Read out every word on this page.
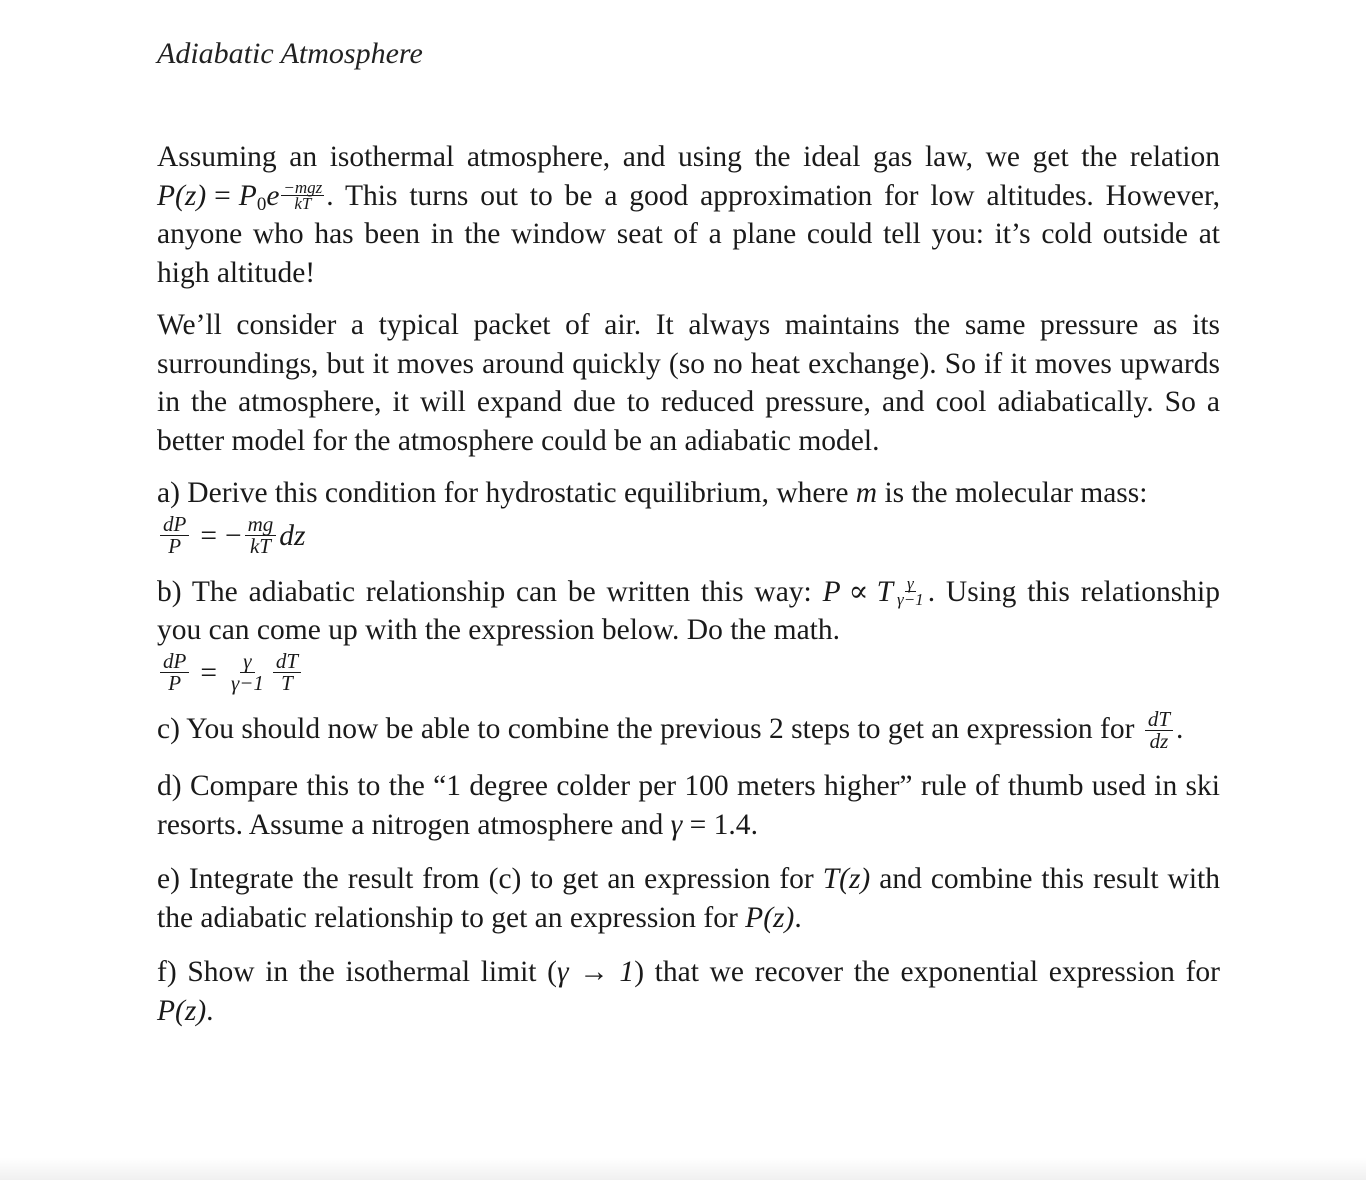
Adiabatic Atmosphere

Assuming an isothermal atmosphere, and using the ideal gas law, we get the relation $P(z) = P_0e -mgz$
kT . This turns out to be a good approximation for low altitudes. However, anyone who has been in the window seat of a plane could tell you: it’s cold outside at high altitude!

We’ll consider a typical packet of air. It always maintains the same pressure as its surroundings, but it moves around quickly (so no heat exchange). So if it moves upwards in the atmosphere, it will expand due to reduced pressure, and cool adiabatically. So a better model for the atmosphere could be an adiabatic model.

a) Derive this condition for hydrostatic equilibrium, where m is the molecular mass:

$\frac{dP}{P}$ = − $\frac{mg}{kT}$ dz

b) The adiabatic relationship can be written this way: P ∝ T $\frac{\gamma}{\gamma-1}$ . Using this relationship you can come up with the expression below. Do the math.

$\frac{dP}{P} = \frac{\gamma}{\gamma-1} \frac{dT}{T}$

c) You should now be able to combine the previous 2 steps to get an expression for $\frac{dT}{dz}$ .

d) Compare this to the “1 degree colder per 100 meters higher” rule of thumb used in ski resorts. Assume a nitrogen atmosphere and γ = 1.4.

e) Integrate the result from (c) to get an expression for T(z) and combine this result with the adiabatic relationship to get an expression for P(z).

f) Show in the isothermal limit (γ → 1) that we recover the exponential expression for P(z).
